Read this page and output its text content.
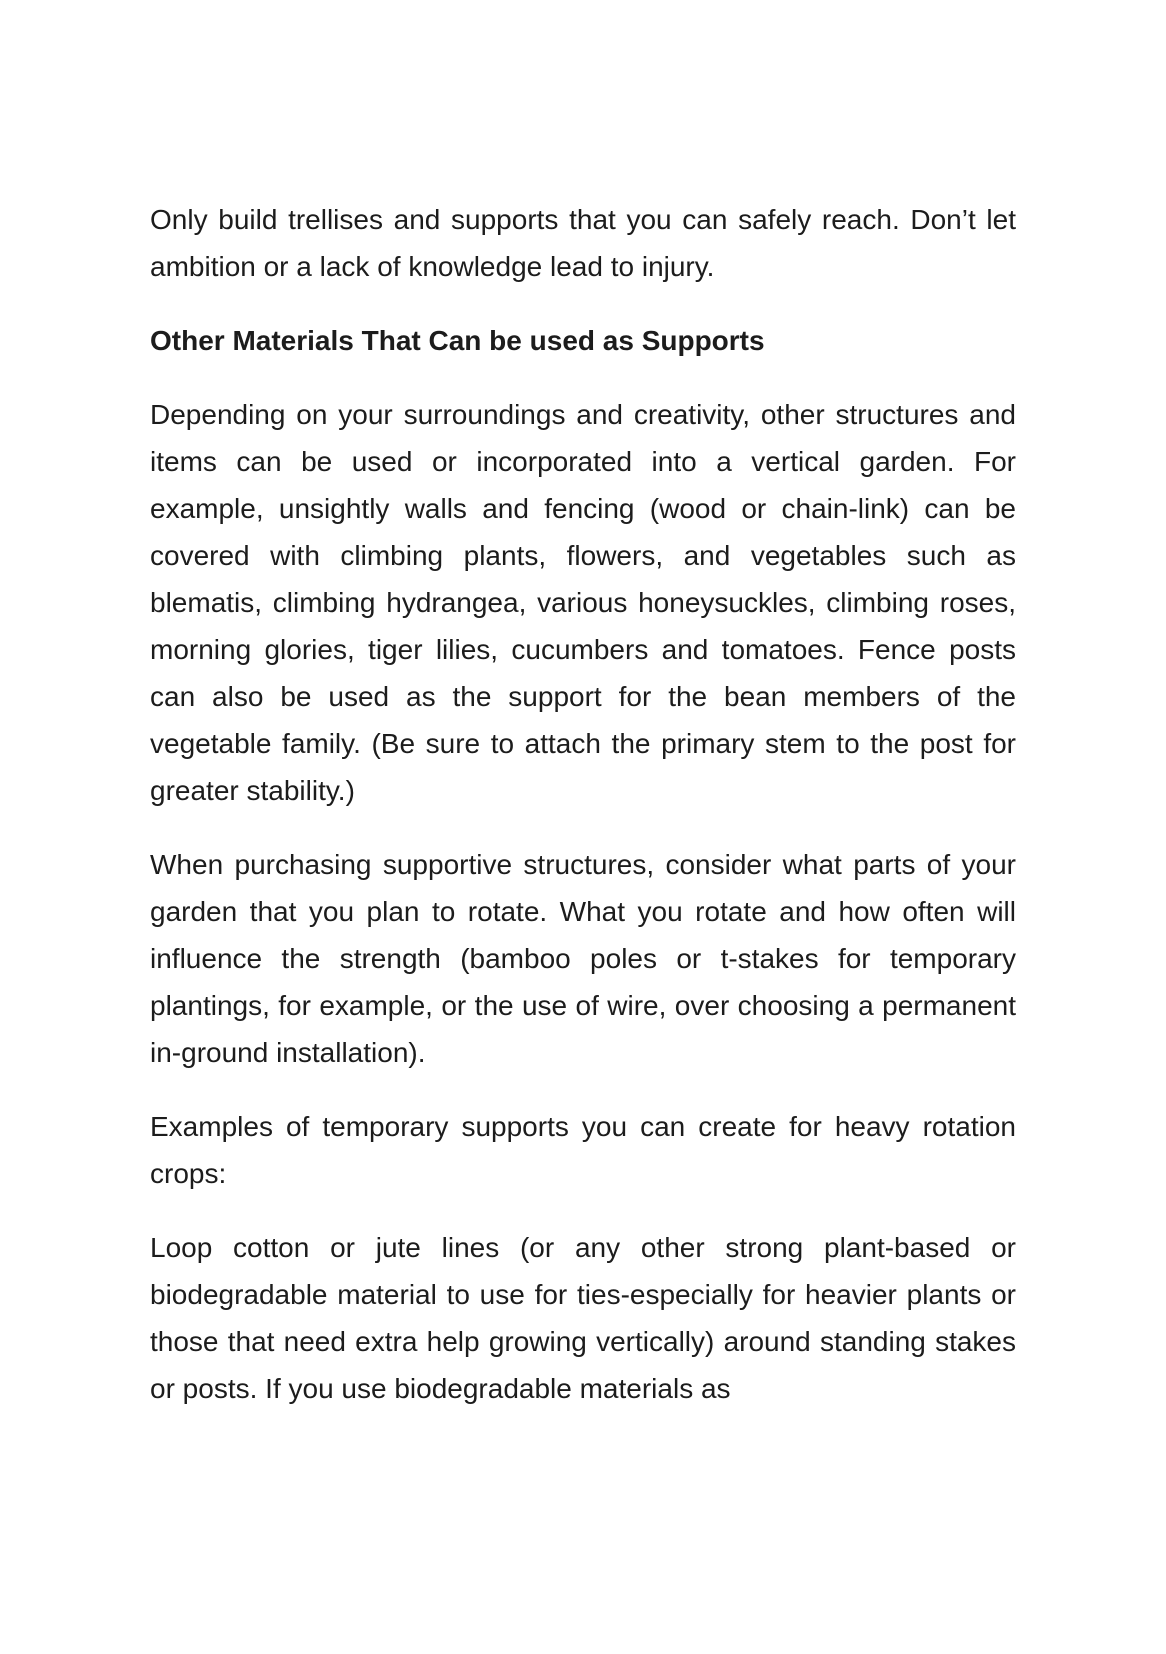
Only build trellises and supports that you can safely reach. Don’t let ambition or a lack of knowledge lead to injury.

Other Materials That Can be used as Supports

Depending on your surroundings and creativity, other structures and items can be used or incorporated into a vertical garden. For example, unsightly walls and fencing (wood or chain-link) can be covered with climbing plants, flowers, and vegetables such as blematis, climbing hydrangea, various honeysuckles, climbing roses, morning glories, tiger lilies, cucumbers and tomatoes. Fence posts can also be used as the support for the bean members of the vegetable family. (Be sure to attach the primary stem to the post for greater stability.)

When purchasing supportive structures, consider what parts of your garden that you plan to rotate. What you rotate and how often will influence the strength (bamboo poles or t-stakes for temporary plantings, for example, or the use of wire, over choosing a permanent in-ground installation).

Examples of temporary supports you can create for heavy rotation crops:

Loop cotton or jute lines (or any other strong plant-based or biodegradable material to use for ties-especially for heavier plants or those that need extra help growing vertically) around standing stakes or posts. If you use biodegradable materials as
